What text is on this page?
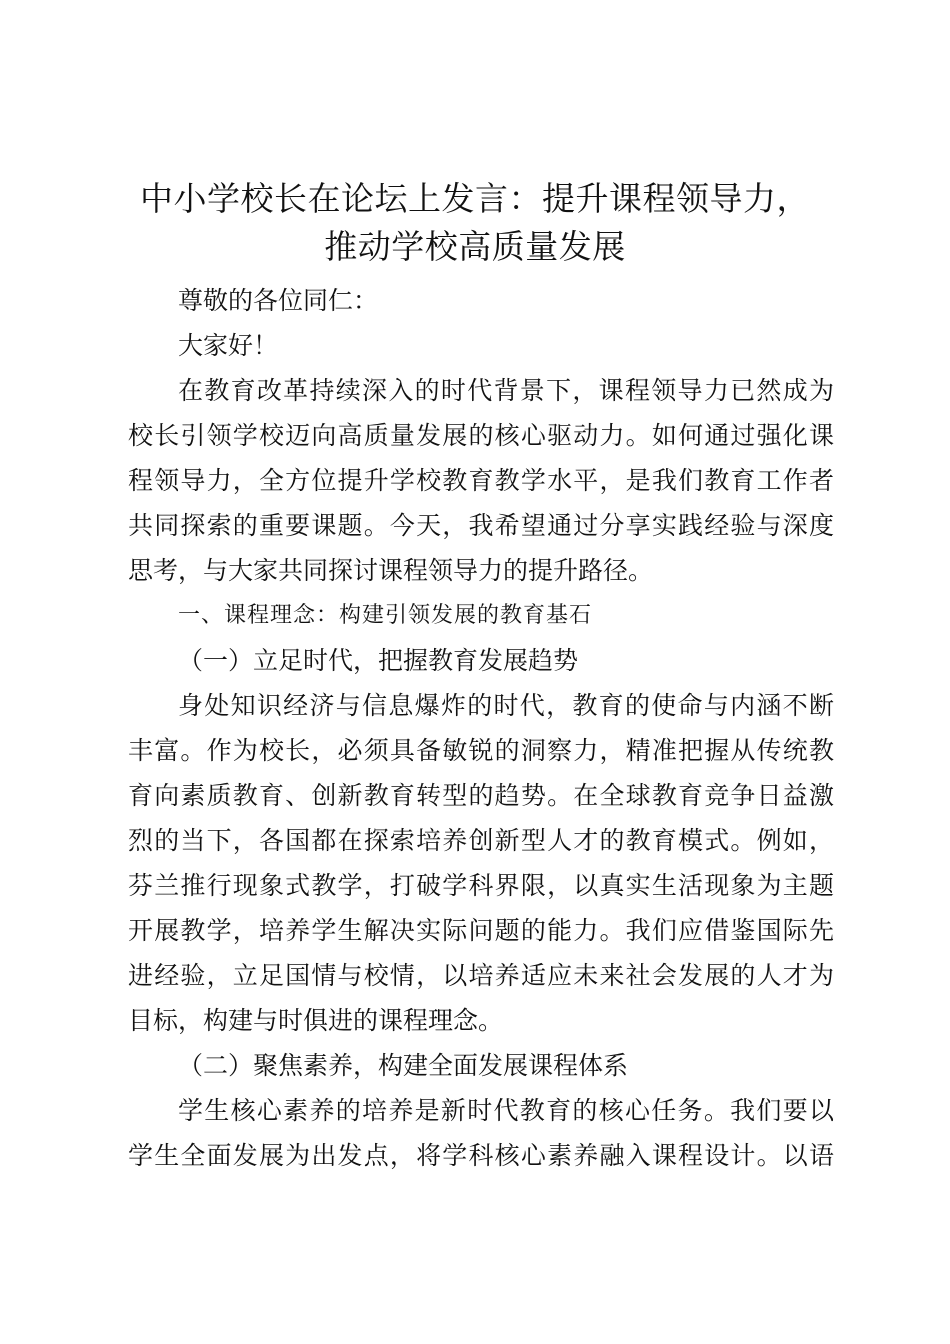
中小学校长在论坛上发言：提升课程领导力，
推动学校高质量发展
尊敬的各位同仁：
大家好！
在教育改革持续深入的时代背景下，课程领导力已然成为
校长引领学校迈向高质量发展的核心驱动力。如何通过强化课
程领导力，全方位提升学校教育教学水平，是我们教育工作者
共同探索的重要课题。今天，我希望通过分享实践经验与深度
思考，与大家共同探讨课程领导力的提升路径。
一、课程理念：构建引领发展的教育基石
（一）立足时代，把握教育发展趋势
身处知识经济与信息爆炸的时代，教育的使命与内涵不断
丰富。作为校长，必须具备敏锐的洞察力，精准把握从传统教
育向素质教育、创新教育转型的趋势。在全球教育竞争日益激
烈的当下，各国都在探索培养创新型人才的教育模式。例如，
芬兰推行现象式教学，打破学科界限，以真实生活现象为主题
开展教学，培养学生解决实际问题的能力。我们应借鉴国际先
进经验，立足国情与校情，以培养适应未来社会发展的人才为
目标，构建与时俱进的课程理念。
（二）聚焦素养，构建全面发展课程体系
学生核心素养的培养是新时代教育的核心任务。我们要以
学生全面发展为出发点，将学科核心素养融入课程设计。以语
